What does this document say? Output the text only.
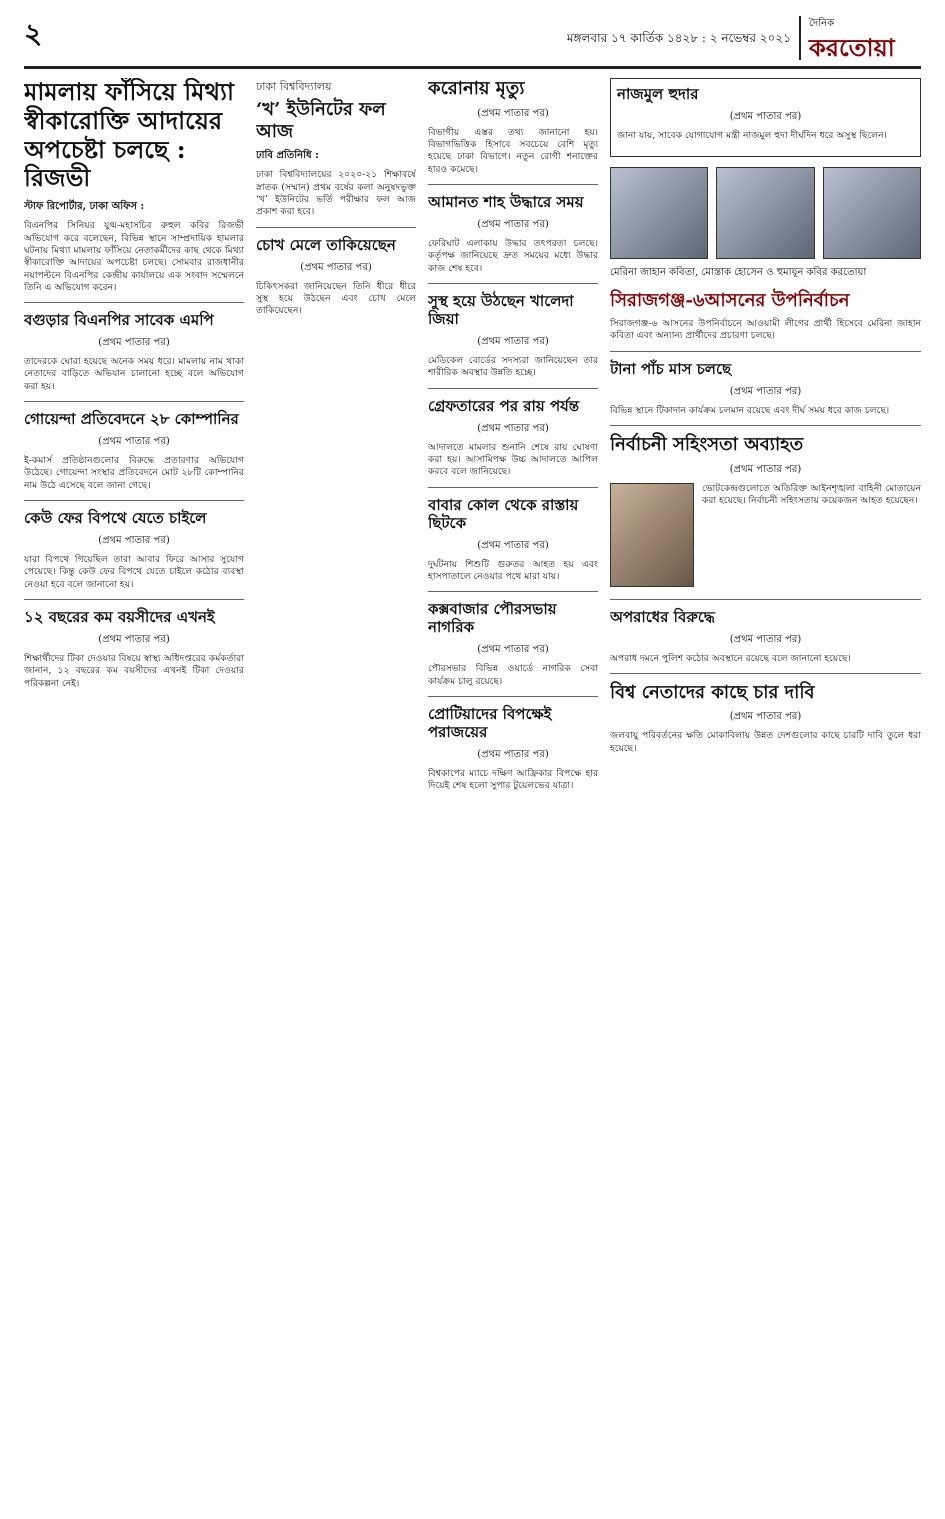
২	মঙ্গলবার ১৭ কার্তিক ১৪২৮ : ২ নভেম্বর ২০২১
দৈনিক
করতোয়া
মামলায় ফাঁসিয়ে মিথ্যা স্বীকারোক্তি আদায়ের অপচেষ্টা চলছে : রিজভী
স্টাফ রিপোর্টার, ঢাকা অফিস :
বিএনপির সিনিয়র যুগ্ম-মহাসচিব রুহুল কবির রিজভী অভিযোগ করে বলেছেন, বিভিন্ন স্থানে সাম্প্রদায়িক হামলার ঘটনায় মিথ্যা মামলায় ফাঁসিয়ে নেতাকর্মীদের কাছ থেকে মিথ্যা স্বীকারোক্তি আদায়ের অপচেষ্টা চলছে। সোমবার রাজধানীর নয়াপল্টনে বিএনপির কেন্দ্রীয় কার্যালয়ে এক সংবাদ সম্মেলনে তিনি এ অভিযোগ করেন।
বগুড়ার বিএনপির সাবেক এমপি
(প্রথম পাতার পর)
তাদেরকে ঘোরা হয়েছে অনেক সময় ধরে। মামলায় নাম থাকা নেতাদের বাড়িতে অভিযান চালানো হচ্ছে বলে অভিযোগ করা হয়।
গোয়েন্দা প্রতিবেদনে ২৮ কোম্পানির
(প্রথম পাতার পর)
ই-কমার্স প্রতিষ্ঠানগুলোর বিরুদ্ধে প্রতারণার অভিযোগ উঠেছে। গোয়েন্দা সংস্থার প্রতিবেদনে মোট ২৮টি কোম্পানির নাম উঠে এসেছে বলে জানা গেছে।
কেউ ফের বিপথে যেতে চাইলে
(প্রথম পাতার পর)
যারা বিপথে গিয়েছিল তারা আবার ফিরে আসার সুযোগ পেয়েছে। কিন্তু কেউ ফের বিপথে যেতে চাইলে কঠোর ব্যবস্থা নেওয়া হবে বলে জানানো হয়।
১২ বছরের কম বয়সীদের এখনই
(প্রথম পাতার পর)
শিক্ষার্থীদের টিকা দেওয়ার বিষয়ে স্বাস্থ্য অধিদপ্তরের কর্মকর্তারা জানান, ১২ বছরের কম বয়সীদের এখনই টিকা দেওয়ার পরিকল্পনা নেই।
ঢাকা বিশ্ববিদ্যালয়
‘খ’ ইউনিটের ফল আজ
ঢাবি প্রতিনিধি :
ঢাকা বিশ্ববিদ্যালয়ের ২০২০-২১ শিক্ষাবর্ষে স্নাতক (সম্মান) প্রথম বর্ষের কলা অনুষদভুক্ত ‘খ’ ইউনিটের ভর্তি পরীক্ষার ফল আজ প্রকাশ করা হবে।
চোখ মেলে তাকিয়েছেন
(প্রথম পাতার পর)
চিকিৎসকরা জানিয়েছেন তিনি ধীরে ধীরে সুস্থ হয়ে উঠছেন এবং চোখ মেলে তাকিয়েছেন।
করোনায় মৃত্যু
(প্রথম পাতার পর)
বিভাগীয় এস্তর তথ্য জানানো হয়। বিভাগভিত্তিক হিসাবে সবচেয়ে বেশি মৃত্যু হয়েছে ঢাকা বিভাগে। নতুন রোগী শনাক্তের হারও কমেছে।
আমানত শাহ উদ্ধারে সময়
(প্রথম পাতার পর)
ফেরিঘাট এলাকায় উদ্ধার তৎপরতা চলছে। কর্তৃপক্ষ জানিয়েছে দ্রুত সময়ের মধ্যে উদ্ধার কাজ শেষ হবে।
সুস্থ হয়ে উঠছেন খালেদা জিয়া
(প্রথম পাতার পর)
মেডিকেল বোর্ডের সদস্যরা জানিয়েছেন তার শারীরিক অবস্থার উন্নতি হচ্ছে।
গ্রেফতারের পর রায় পর্যন্ত
(প্রথম পাতার পর)
আদালতে মামলার শুনানি শেষে রায় ঘোষণা করা হয়। আসামিপক্ষ উচ্চ আদালতে আপিল করবে বলে জানিয়েছে।
বাবার কোল থেকে রাস্তায় ছিটকে
(প্রথম পাতার পর)
দুর্ঘটনায় শিশুটি গুরুতর আহত হয় এবং হাসপাতালে নেওয়ার পথে মারা যায়।
কক্সবাজার পৌরসভায় নাগরিক
(প্রথম পাতার পর)
পৌরসভার বিভিন্ন ওয়ার্ডে নাগরিক সেবা কার্যক্রম চালু রয়েছে।
প্রোটিয়াদের বিপক্ষেই পরাজয়ের
(প্রথম পাতার পর)
বিশ্বকাপের ম্যাচে দক্ষিণ আফ্রিকার বিপক্ষে হার দিয়েই শেষ হলো সুপার টুয়েলভের যাত্রা।
নাজমুল হুদার
(প্রথম পাতার পর)
জানা যায়, সাবেক যোগাযোগ মন্ত্রী নাজমুল হুদা দীর্ঘদিন ধরে অসুস্থ ছিলেন।
মেরিনা জাহান কবিতা, মোস্তাক হোসেন ও হুমায়ূন কবির করতোয়া
সিরাজগঞ্জ-৬আসনের উপনির্বাচন
সিরাজগঞ্জ-৬ আসনের উপনির্বাচনে আওয়ামী লীগের প্রার্থী হিসেবে মেরিনা জাহান কবিতা এবং অন্যান্য প্রার্থীদের প্রচারণা চলছে।
টানা পাঁচ মাস চলছে
(প্রথম পাতার পর)
বিভিন্ন স্থানে টিকাদান কার্যক্রম চলমান রয়েছে এবং দীর্ঘ সময় ধরে কাজ চলছে।
নির্বাচনী সহিংসতা অব্যাহত
(প্রথম পাতার পর)
ভোটকেন্দ্রগুলোতে অতিরিক্ত আইনশৃঙ্খলা বাহিনী মোতায়েন করা হয়েছে। নির্বাচনী সহিংসতায় কয়েকজন আহত হয়েছেন।
অপরাধের বিরুদ্ধে
(প্রথম পাতার পর)
অপরাধ দমনে পুলিশ কঠোর অবস্থানে রয়েছে বলে জানানো হয়েছে।
বিশ্ব নেতাদের কাছে চার দাবি
(প্রথম পাতার পর)
জলবায়ু পরিবর্তনের ক্ষতি মোকাবিলায় উন্নত দেশগুলোর কাছে চারটি দাবি তুলে ধরা হয়েছে।
